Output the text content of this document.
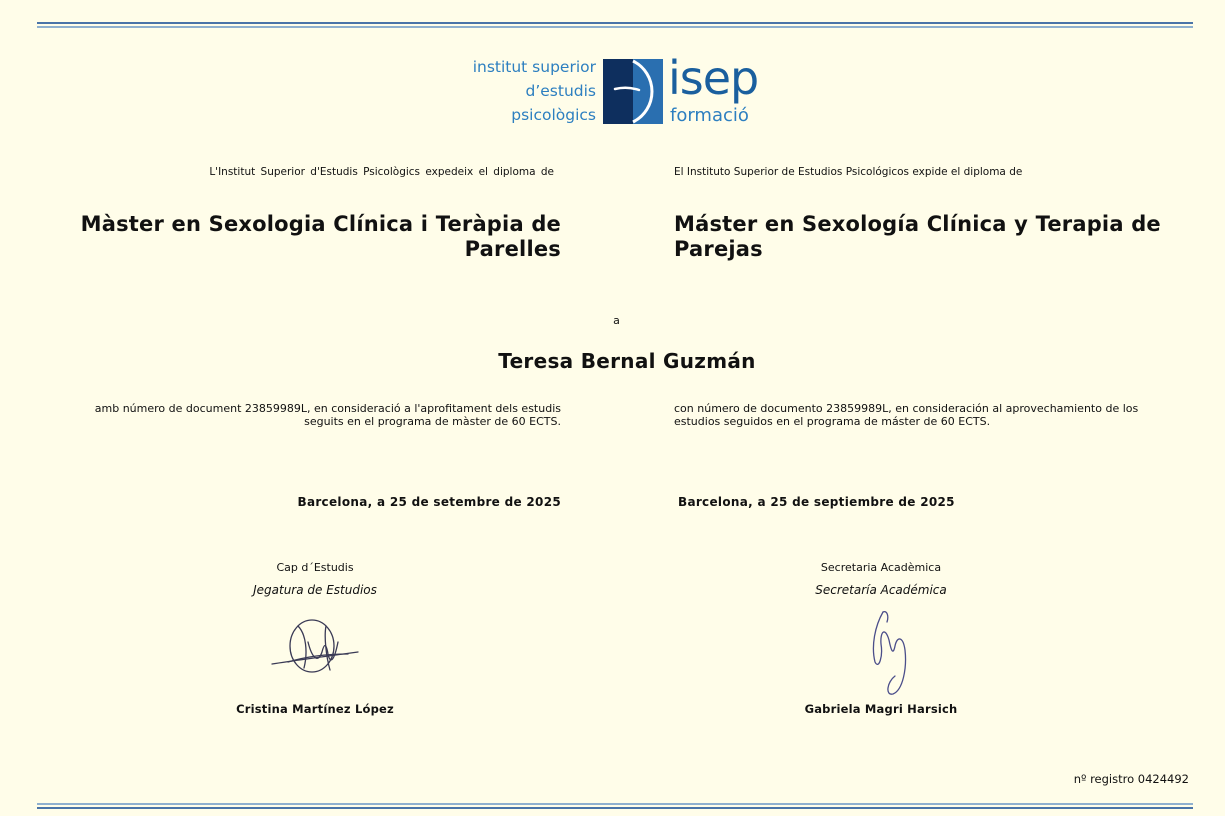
institut superior
d’estudis
psicològics
isep
formació
L'Institut Superior d'Estudis Psicològics expedeix el diploma de	El Instituto Superior de Estudios Psicológicos expide el diploma de
Màster en Sexologia Clínica i Teràpia de Parelles
Máster en Sexología Clínica y Terapia de Parejas
a
Teresa Bernal Guzmán
amb número de document 23859989L, en consideració a l'aprofitament dels estudis seguits en el programa de màster de 60 ECTS.
con número de documento 23859989L, en consideración al aprovechamiento de los estudios seguidos en el programa de máster de 60 ECTS.
Barcelona, a 25 de setembre de 2025	Barcelona, a 25 de septiembre de 2025
Cap d´Estudis
Jegatura de Estudios
Secretaria Acadèmica
Secretaría Académica
Cristina Martínez López	Gabriela Magri Harsich
nº registro 0424492
